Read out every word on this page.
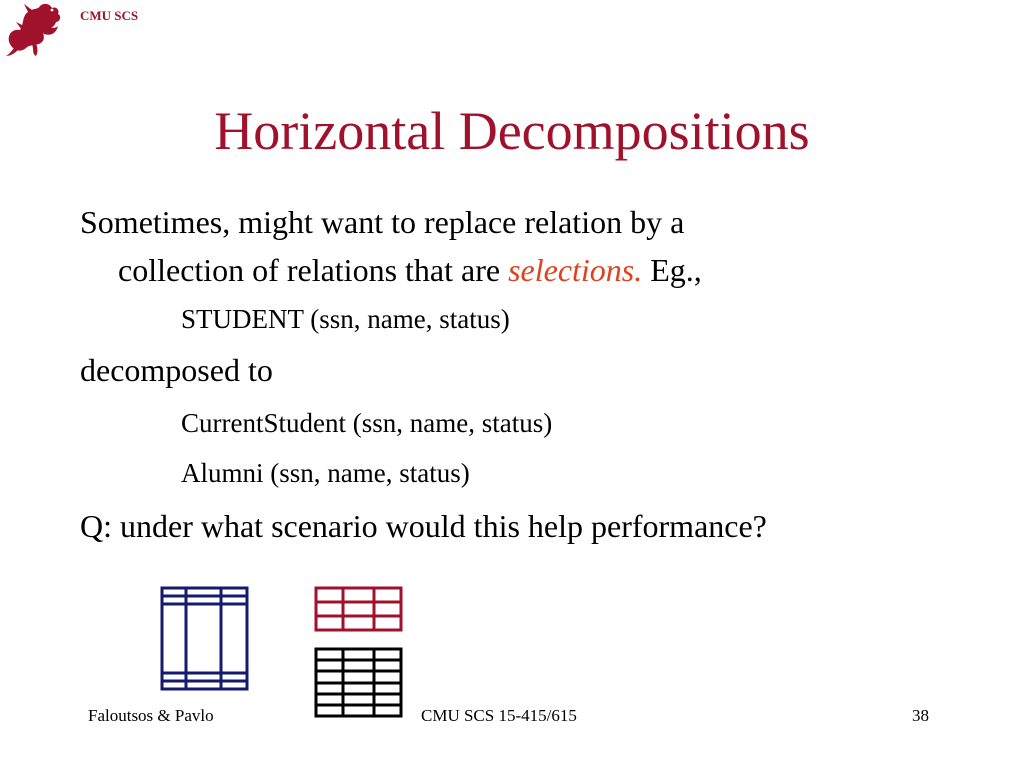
CMU SCS
Horizontal Decompositions
Sometimes, might want to replace relation by a
collection of relations that are selections. Eg.,
STUDENT (ssn, name, status)
decomposed to
CurrentStudent (ssn, name, status)
Alumni (ssn, name, status)
Q: under what scenario would this help performance?
Faloutsos & Pavlo	CMU SCS 15-415/615	38
